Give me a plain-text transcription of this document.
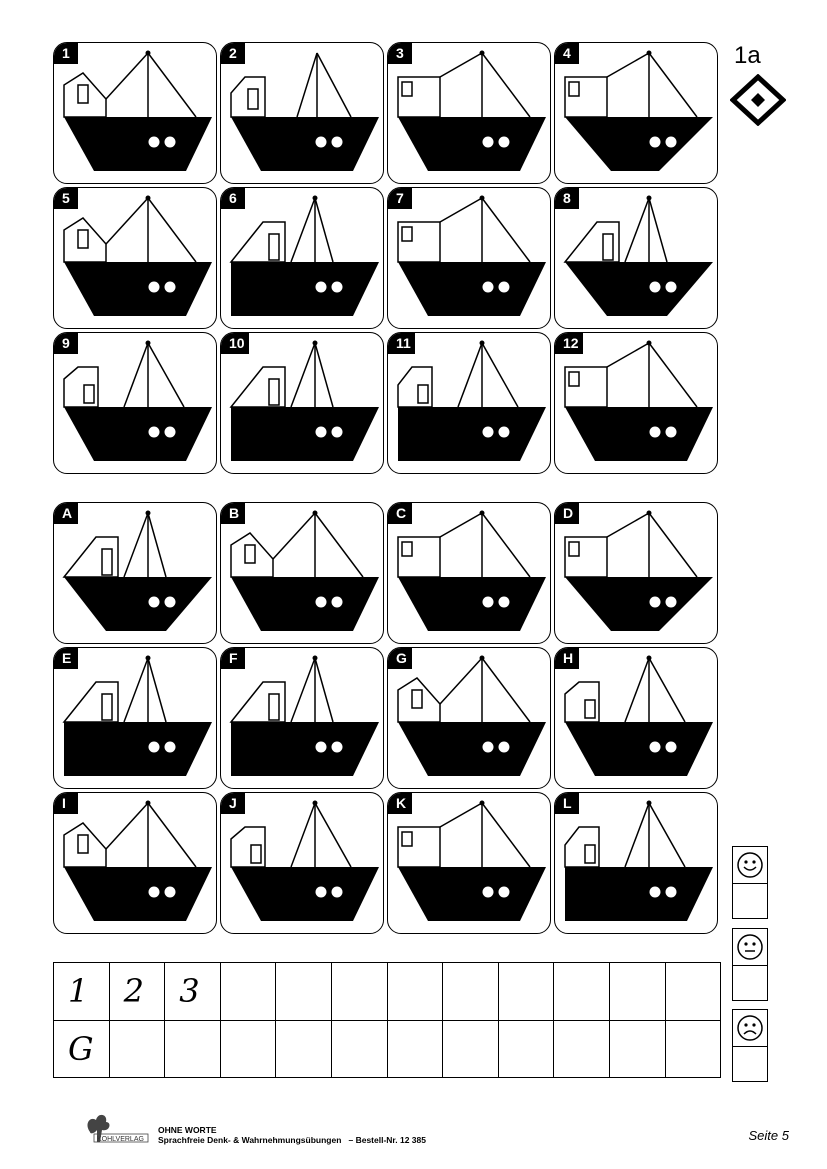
1a
1	2	3	4
5	6	7	8
9	10	11	12
A	B	C	D
E	F	G	H
I	J	K	L
1	2	3									
G											
KOHLVERLAG
OHNE WORTE
Sprachfreie Denk- & Wahrnehmungsübungen – Bestell-Nr. 12 385	Seite 5
